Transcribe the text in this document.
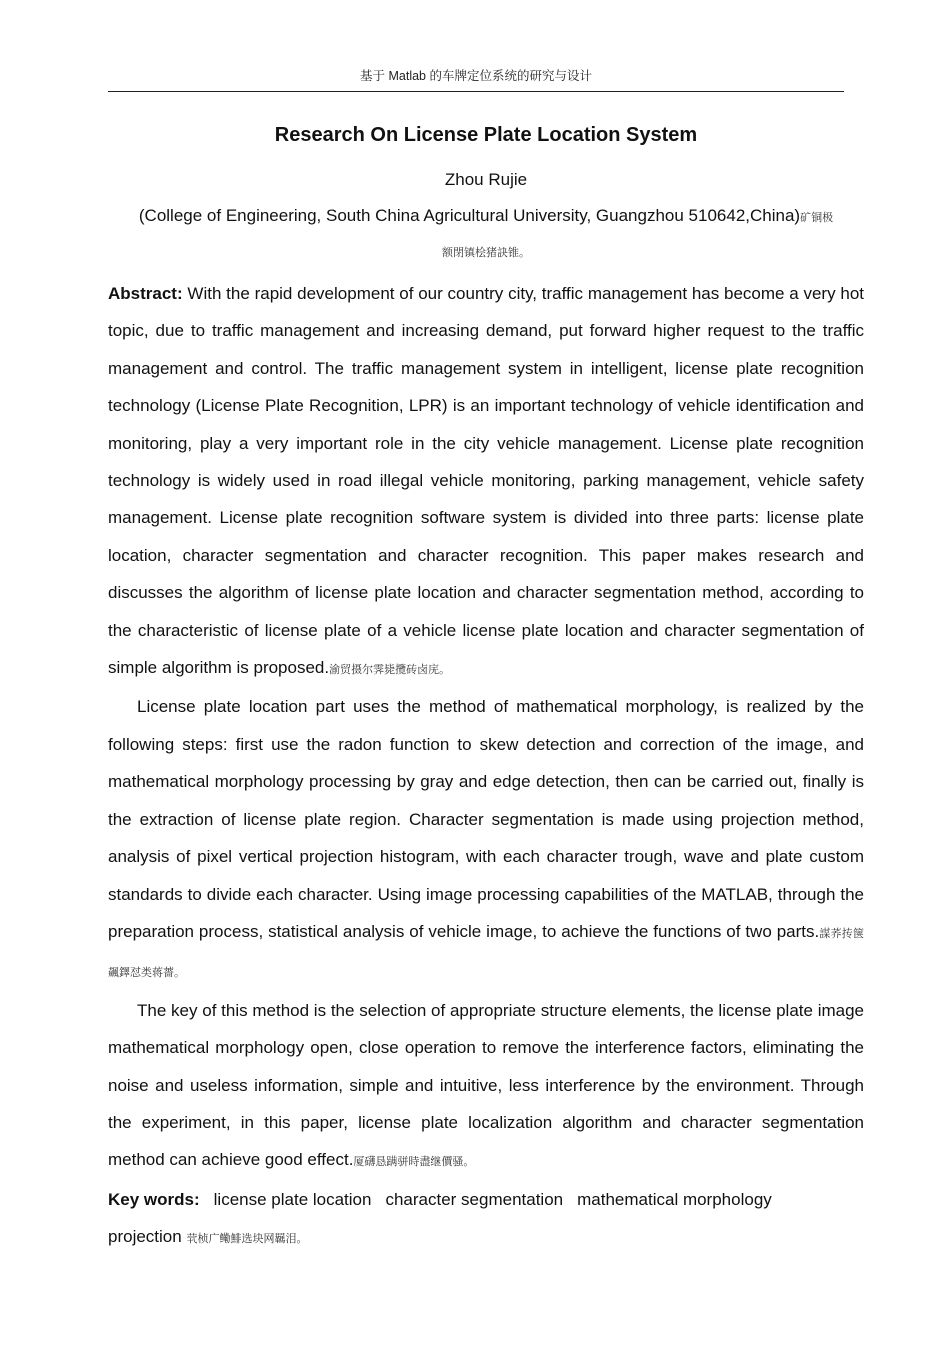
基于 Matlab 的车牌定位系统的研究与设计
Research On License Plate Location System
Zhou Rujie
(College of Engineering, South China Agricultural University, Guangzhou 510642,China)矿铜极
额閉镇桧猪訣锥。

Abstract: With the rapid development of our country city, traffic management has become a very hot topic, due to traffic management and increasing demand, put forward higher request to the traffic management and control. The traffic management system in intelligent, license plate recognition technology (License Plate Recognition, LPR) is an important technology of vehicle identification and monitoring, play a very important role in the city vehicle management. License plate recognition technology is widely used in road illegal vehicle monitoring, parking management, vehicle safety management. License plate recognition software system is divided into three parts: license plate location, character segmentation and character recognition. This paper makes research and discusses the algorithm of license plate location and character segmentation method, according to the characteristic of license plate of a vehicle license plate location and character segmentation of simple algorithm is proposed.渝贸摄尔霁毙攬砖卤庑。

License plate location part uses the method of mathematical morphology, is realized by the following steps: first use the radon function to skew detection and correction of the image, and mathematical morphology processing by gray and edge detection, then can be carried out, finally is the extraction of license plate region. Character segmentation is made using projection method, analysis of pixel vertical projection histogram, with each character trough, wave and plate custom standards to divide each character. Using image processing capabilities of the MATLAB, through the preparation process, statistical analysis of vehicle image, to achieve the functions of two parts.謀荞抟箧飆鐸怼类蒋薔。

The key of this method is the selection of appropriate structure elements, the license plate image mathematical morphology open, close operation to remove the interference factors, eliminating the noise and useless information, simple and intuitive, less interference by the environment. Through the experiment, in this paper, license plate localization algorithm and character segmentation method can achieve good effect.厦礴恳蹒骈時盡继價骚。

Key words: license plate location character segmentation mathematical morphology
projection 茕桢广鳓鯡选块网羈泪。
